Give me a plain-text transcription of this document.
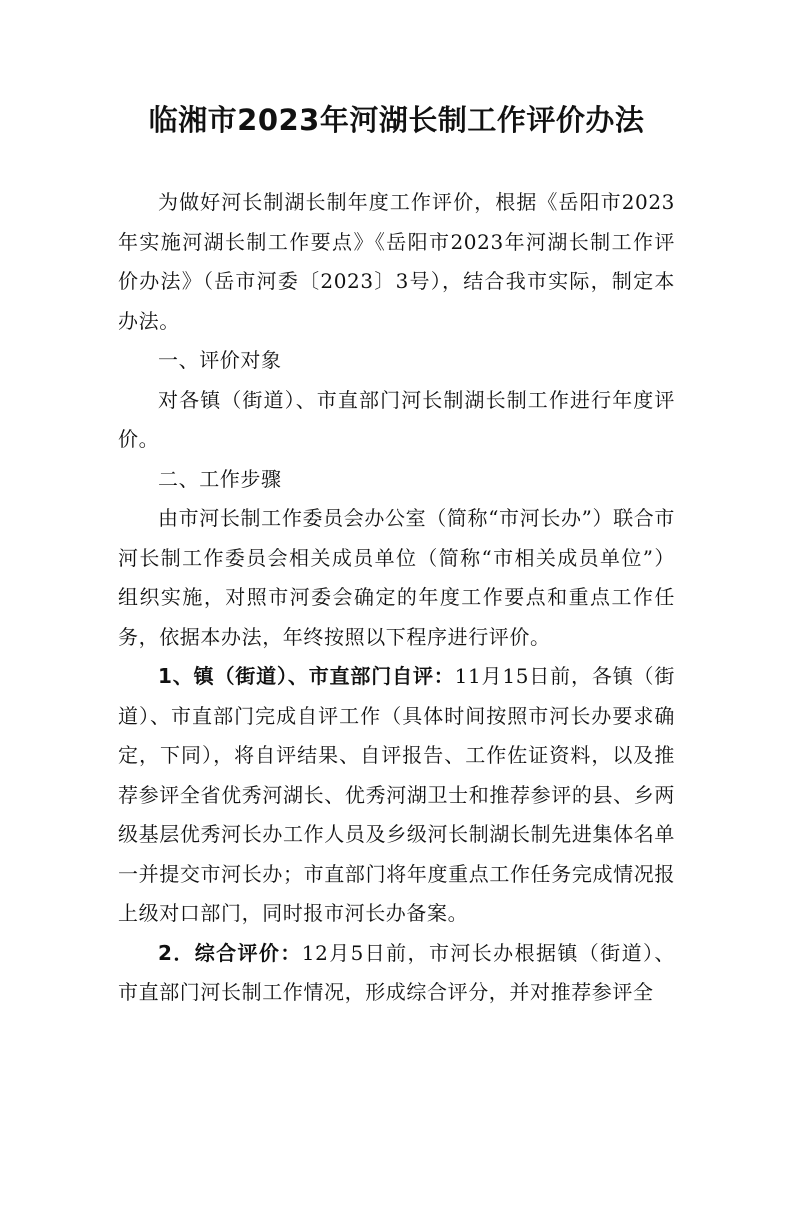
临湘市2023年河湖长制工作评价办法

为做好河长制湖长制年度工作评价，根据《岳阳市2023年实施河湖长制工作要点》《岳阳市2023年河湖长制工作评价办法》（岳市河委〔2023〕3号），结合我市实际，制定本办法。

一、评价对象

对各镇（街道）、市直部门河长制湖长制工作进行年度评价。

二、工作步骤

由市河长制工作委员会办公室（简称“市河长办”）联合市河长制工作委员会相关成员单位（简称“市相关成员单位”）组织实施，对照市河委会确定的年度工作要点和重点工作任务，依据本办法，年终按照以下程序进行评价。

1、镇（街道）、市直部门自评：11月15日前，各镇（街道）、市直部门完成自评工作（具体时间按照市河长办要求确定，下同），将自评结果、自评报告、工作佐证资料，以及推荐参评全省优秀河湖长、优秀河湖卫士和推荐参评的县、乡两级基层优秀河长办工作人员及乡级河长制湖长制先进集体名单一并提交市河长办；市直部门将年度重点工作任务完成情况报上级对口部门，同时报市河长办备案。

2．综合评价：12月5日前，市河长办根据镇（街道）、市直部门河长制工作情况，形成综合评分，并对推荐参评全
